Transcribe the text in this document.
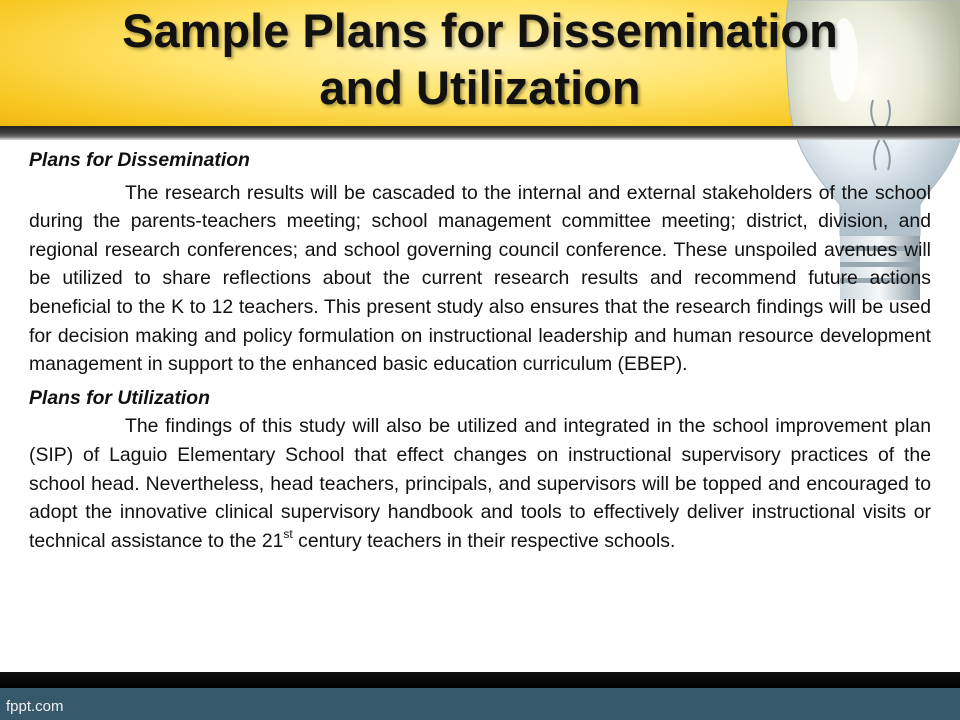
Sample Plans for Dissemination
and Utilization

Plans for Dissemination

The research results will be cascaded to the internal and external stakeholders of the school during the parents-teachers meeting; school management committee meeting; district, division, and regional research conferences; and school governing council conference. These unspoiled avenues will be utilized to share reflections about the current research results and recommend future actions beneficial to the K to 12 teachers. This present study also ensures that the research findings will be used for decision making and policy formulation on instructional leadership and human resource development management in support to the enhanced basic education curriculum (EBEP).

Plans for Utilization

The findings of this study will also be utilized and integrated in the school improvement plan (SIP) of Laguio Elementary School that effect changes on instructional supervisory practices of the school head. Nevertheless, head teachers, principals, and supervisors will be topped and encouraged to adopt the innovative clinical supervisory handbook and tools to effectively deliver instructional visits or technical assistance to the 21st century teachers in their respective schools.

fppt.com
